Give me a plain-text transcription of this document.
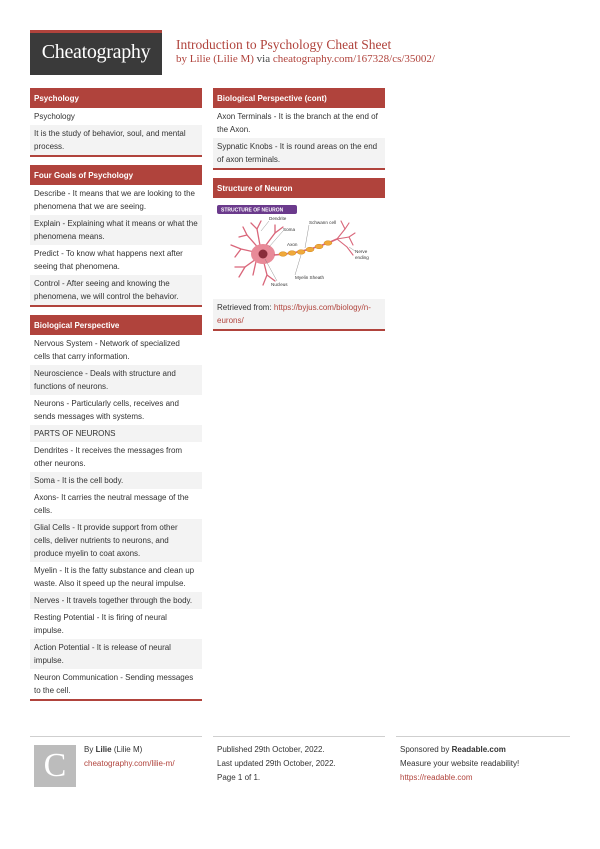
Cheatography	Introduction to Psychology Cheat Sheet
by Lilie (Lilie M) via cheatography.com/167328/cs/35002/
Psychology
Psychology
It is the study of behavior, soul, and mental process.
Four Goals of Psychology
Describe - It means that we are looking to the phenomena that we are seeing.
Explain - Explaining what it means or what the phenomena means.
Predict - To know what happens next after seeing that phenomena.
Control - After seeing and knowing the phenomena, we will control the behavior.
Biological Perspective
Nervous System - Network of specialized cells that carry information.
Neuroscience - Deals with structure and functions of neurons.
Neurons - Particularly cells, receives and sends messages with systems.
PARTS OF NEURONS
Dendrites - It receives the messages from other neurons.
Soma - It is the cell body.
Axons- It carries the neutral message of the cells.
Glial Cells - It provide support from other cells, deliver nutrients to neurons, and produce myelin to coat axons.
Myelin - It is the fatty substance and clean up waste. Also it speed up the neural impulse.
Nerves - It travels together through the body.
Resting Potential - It is firing of neural impulse.
Action Potential - It is release of neural impulse.
Neuron Communication - Sending messages to the cell.
Biological Perspective (cont)
Axon Terminals - It is the branch at the end of the Axon.
Sypnatic Knobs - It is round areas on the end of axon terminals.
Structure of Neuron
STRUCTURE OF NEURON
Dendrite
Soma
Axon
Schwann cell
Nerve
ending
Myelin Sheath
Nucleus
Retrieved from: https://byjus.com/biology/n-
eurons/
C	By Lilie (Lilie M)
cheatography.com/lilie-m/
Published 29th October, 2022.
Last updated 29th October, 2022.
Page 1 of 1.
Sponsored by Readable.com
Measure your website readability!
https://readable.com
